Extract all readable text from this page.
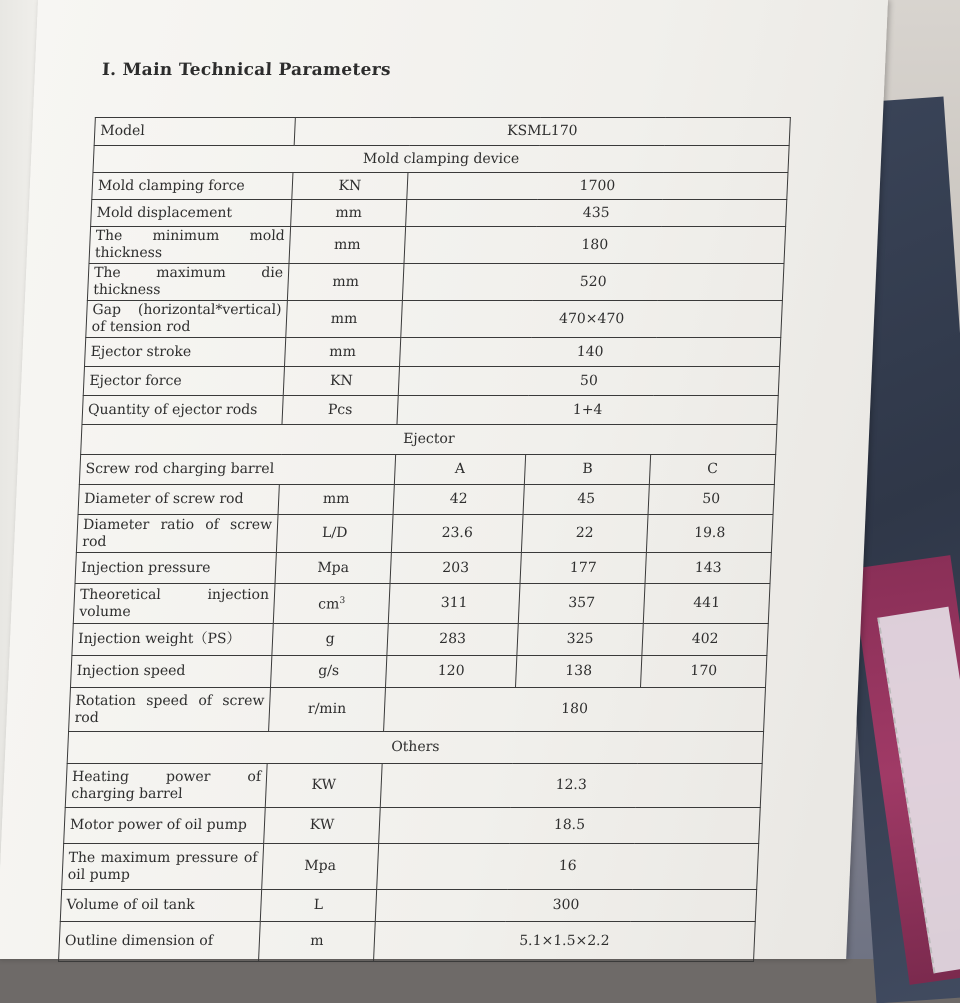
I. Main Technical Parameters
Model	KSML170			
Mold clamping device				
Mold clamping force	KN	1700		
Mold displacement	mm	435		
The minimum mold thickness	mm	180		
The maximum die thickness	mm	520		
Gap (horizontal*vertical) of tension rod	mm	470×470		
Ejector stroke	mm	140		
Ejector force	KN	50		
Quantity of ejector rods	Pcs	1+4		
Ejector				
Screw rod charging barrel		A	B	C
Diameter of screw rod	mm	42	45	50
Diameter ratio of screw rod	L/D	23.6	22	19.8
Injection pressure	Mpa	203	177	143
Theoretical injection volume	$cm^3$	311	357	441
Injection weight（PS）	g	283	325	402
Injection speed	g/s	120	138	170
Rotation speed of screw rod	r/min	180		
Others				
Heating power of charging barrel	KW	12.3		
Motor power of oil pump	KW	18.5		
The maximum pressure of oil pump	Mpa	16		
Volume of oil tank	L	300		
Outline dimension of	m	5.1×1.5×2.2		
